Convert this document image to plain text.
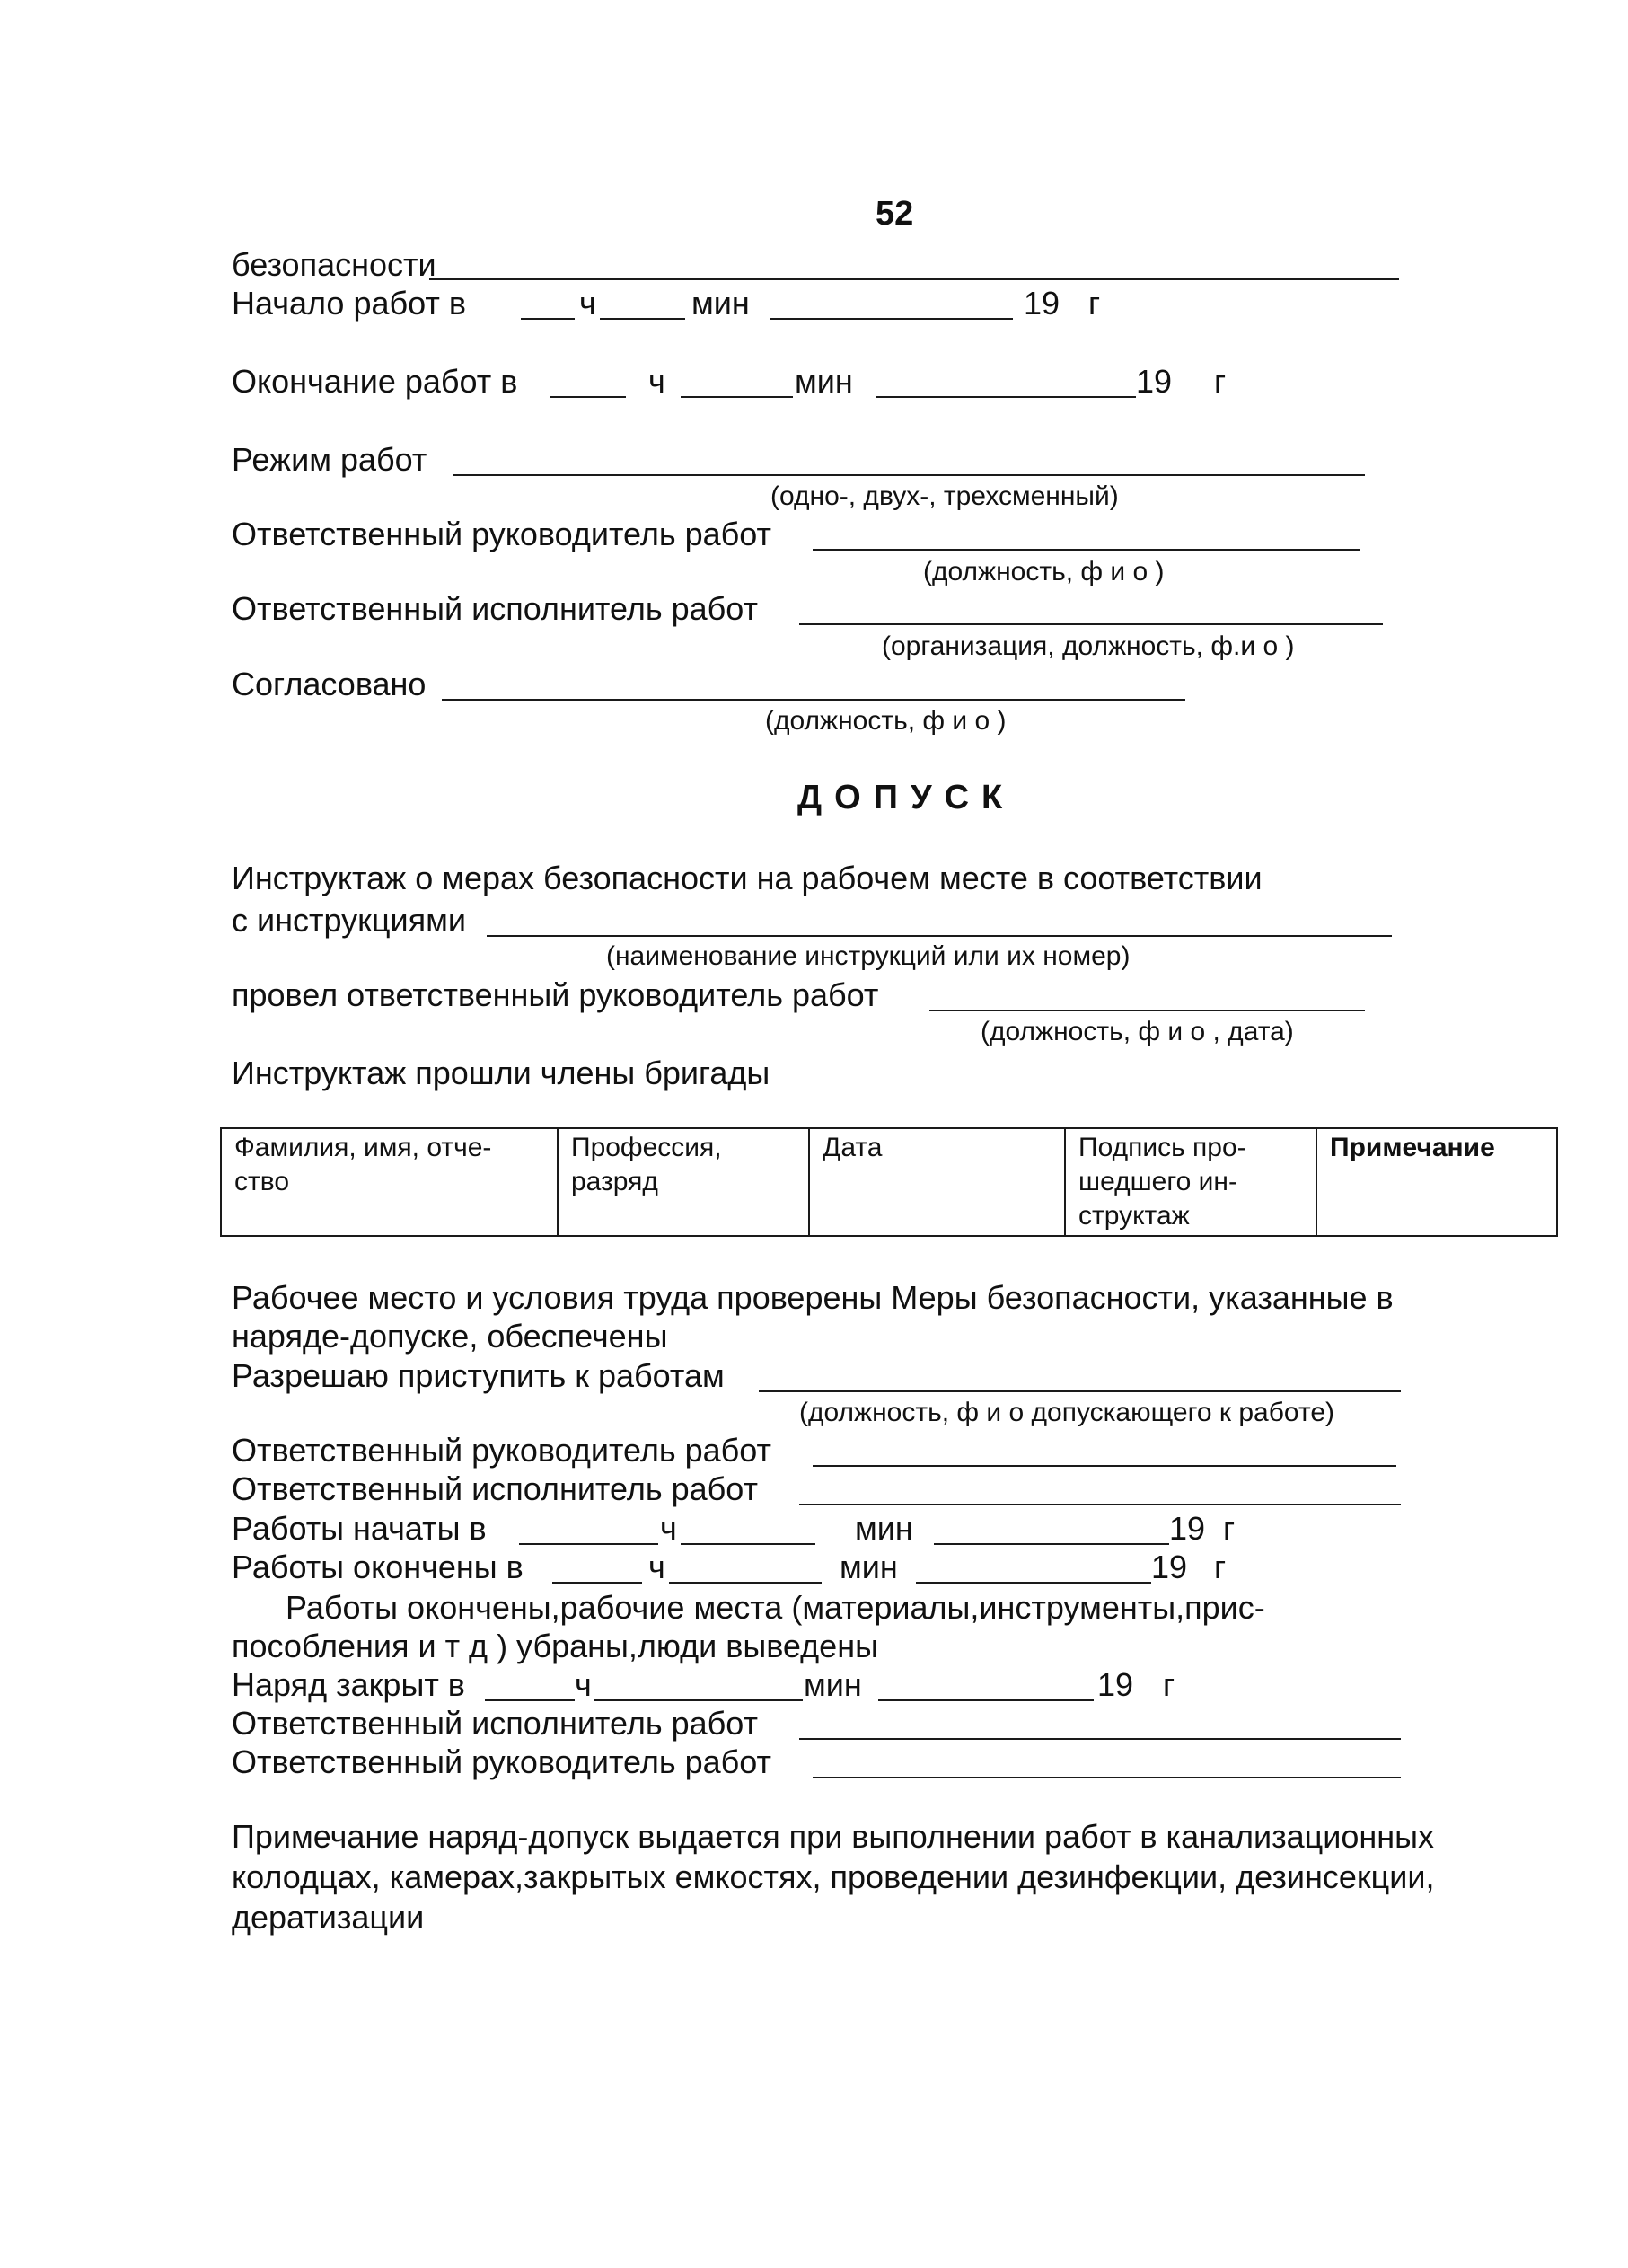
52
безопасности
Начало работ в	ч	мин	19 г
Окончание работ в	ч	мин	19 г
Режим работ
(одно-, двух-, трехсменный)
Ответственный руководитель работ
(должность, ф и о )
Ответственный исполнитель работ
(организация, должность, ф.и о )
Согласовано
(должность, ф и о )
ДОПУСК
Инструктаж о мерах безопасности на рабочем месте в соответствии
с инструкциями
(наименование инструкций или их номер)
провел ответственный руководитель работ
(должность, ф и о , дата)
Инструктаж прошли члены бригады
Фамилия, имя, отче-ство	Профессия, разряд	Дата	Подпись про-шедшего ин-структаж	Примечание
Рабочее место и условия труда проверены Меры безопасности, указанные в
наряде-допуске, обеспечены
Разрешаю приступить к работам
(должность, ф и о допускающего к работе)
Ответственный руководитель работ
Ответственный исполнитель работ
Работы начаты в	ч	мин	19 г
Работы окончены в	ч	мин	19 г
Работы окончены,рабочие места (материалы,инструменты,прис-
пособления и т д ) убраны,люди выведены
Наряд закрыт в	ч	мин	19 г
Ответственный исполнитель работ
Ответственный руководитель работ
Примечание наряд-допуск выдается при выполнении работ в канализационных
колодцах, камерах,закрытых емкостях, проведении дезинфекции, дезинсекции,
дератизации
